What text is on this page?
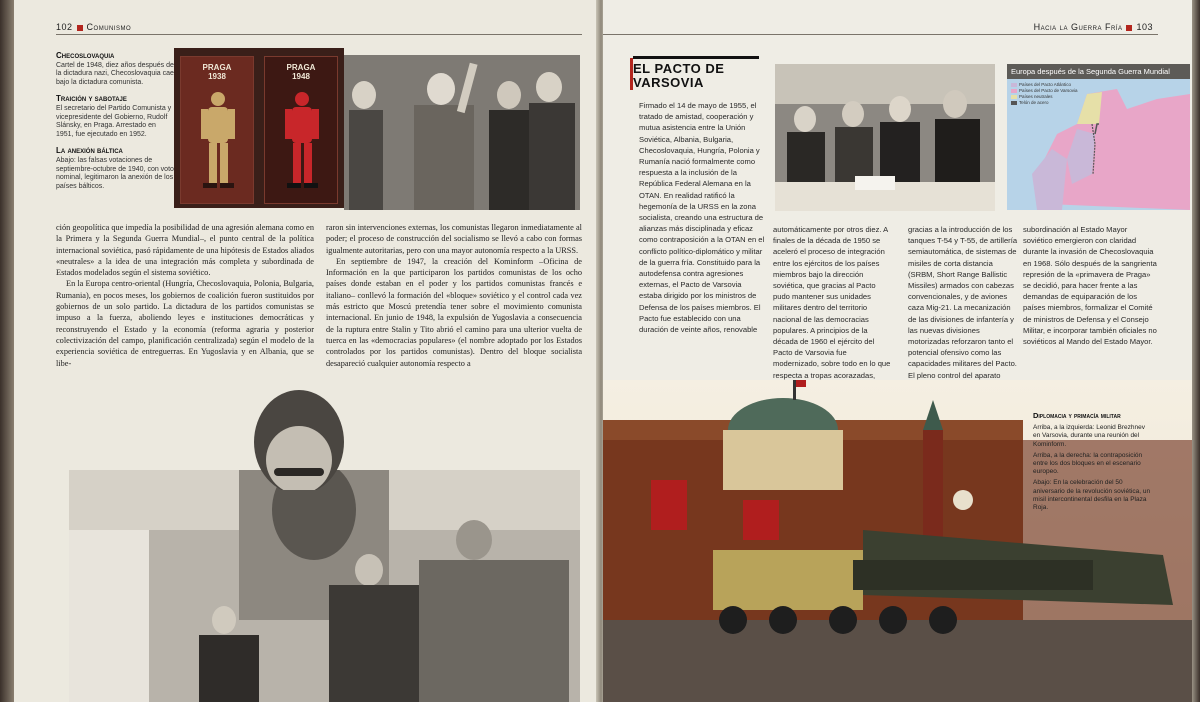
102 Comunismo
Checoslovaquia
Cartel de 1948, diez años después de la dictadura nazi, Checoslovaquia cae bajo la dictadura comunista.
Traición y sabotaje
El secretario del Partido Comunista y vicepresidente del Gobierno, Rudolf Slánsky, en Praga. Arrestado en 1951, fue ejecutado en 1952.
La anexión báltica
Abajo: las falsas votaciones de septiembre-octubre de 1940, con voto nominal, legitimaron la anexión de los países bálticos.
PRAGA
1938
PRAGA
1948

ción geopolítica que impedía la posibilidad de una agresión alemana como en la Primera y la Segunda Guerra Mundial–, el punto central de la política internacional soviética, pasó rápidamente de una hipótesis de Estados aliados «neutrales» a la idea de una integración más completa y subordinada de Estados modelados según el sistema soviético.

En la Europa centro-oriental (Hungría, Checoslovaquia, Polonia, Bulgaria, Rumania), en pocos meses, los gobiernos de coalición fueron sustituidos por gobiernos de un solo partido. La dictadura de los partidos comunistas se impuso a la fuerza, aboliendo leyes e instituciones democráticas y reconstruyendo el Estado y la economía (reforma agraria y posterior colectivización del campo, planificación centralizada) según el modelo de la experiencia soviética de entreguerras. En Yugoslavia y en Albania, que se libe-

raron sin intervenciones externas, los comunistas llegaron inmediatamente al poder; el proceso de construcción del socialismo se llevó a cabo con formas igualmente autoritarias, pero con una mayor autonomía respecto a la URSS.

En septiembre de 1947, la creación del Kominform –Oficina de Información en la que participaron los partidos comunistas de los ocho países donde estaban en el poder y los partidos comunistas francés e italiano– conllevó la formación del «bloque» soviético y el control cada vez más estricto que Moscú pretendía tener sobre el movimiento comunista internacional. En junio de 1948, la expulsión de Yugoslavia a consecuencia de la ruptura entre Stalin y Tito abrió el camino para una ulterior vuelta de tuerca en las «democracias populares» (el nombre adoptado por los Estados controlados por los partidos comunistas). Dentro del bloque socialista desapareció cualquier autonomía respecto a

Hacia la Guerra Fría 103
EL PACTO DE
VARSOVIA
Firmado el 14 de mayo de 1955, el tratado de amistad, cooperación y mutua asistencia entre la Unión Soviética, Albania, Bulgaria, Checoslovaquia, Hungría, Polonia y Rumanía nació formalmente como respuesta a la inclusión de la República Federal Alemana en la OTAN. En realidad ratificó la hegemonía de la URSS en la zona socialista, creando una estructura de alianzas más disciplinada y eficaz como contraposición a la OTAN en el conflicto político-diplomático y militar de la guerra fría. Constituido para la autodefensa contra agresiones externas, el Pacto de Varsovia estaba dirigido por los ministros de Defensa de los países miembros. El Pacto fue establecido con una duración de veinte años, renovable
Europa después de la Segunda Guerra Mundial
Países del Pacto Atlántico
Países del Pacto de Varsovia
Países neutrales
Telón de acero
automáticamente por otros diez. A finales de la década de 1950 se aceleró el proceso de integración entre los ejércitos de los países miembros bajo la dirección soviética, que gracias al Pacto pudo mantener sus unidades militares dentro del territorio nacional de las democracias populares. A principios de la década de 1960 el ejército del Pacto de Varsovia fue modernizado, sobre todo en lo que respecta a tropas acorazadas,
gracias a la introducción de los tanques T-54 y T-55, de artillería semiautomática, de sistemas de misiles de corta distancia (SRBM, Short Range Ballistic Missiles) armados con cabezas convencionales, y de aviones caza Mig-21. La mecanización de las divisiones de infantería y las nuevas divisiones motorizadas reforzaron tanto el potencial ofensivo como las capacidades militares del Pacto. El pleno control del aparato
subordinación al Estado Mayor soviético emergieron con claridad durante la invasión de Checoslovaquia en 1968. Sólo después de la sangrienta represión de la «primavera de Praga» se decidió, para hacer frente a las demandas de equiparación de los países miembros, formalizar el Comité de ministros de Defensa y el Consejo Militar, e incorporar también oficiales no soviéticos al Mando del Estado Mayor.
Diplomacia y primacía militar
Arriba, a la izquierda: Leonid Brezhnev en Varsovia, durante una reunión del Kominform.
Arriba, a la derecha: la contraposición entre los dos bloques en el escenario europeo.
Abajo: En la celebración del 50 aniversario de la revolución soviética, un misil intercontinental desfila en la Plaza Roja.
